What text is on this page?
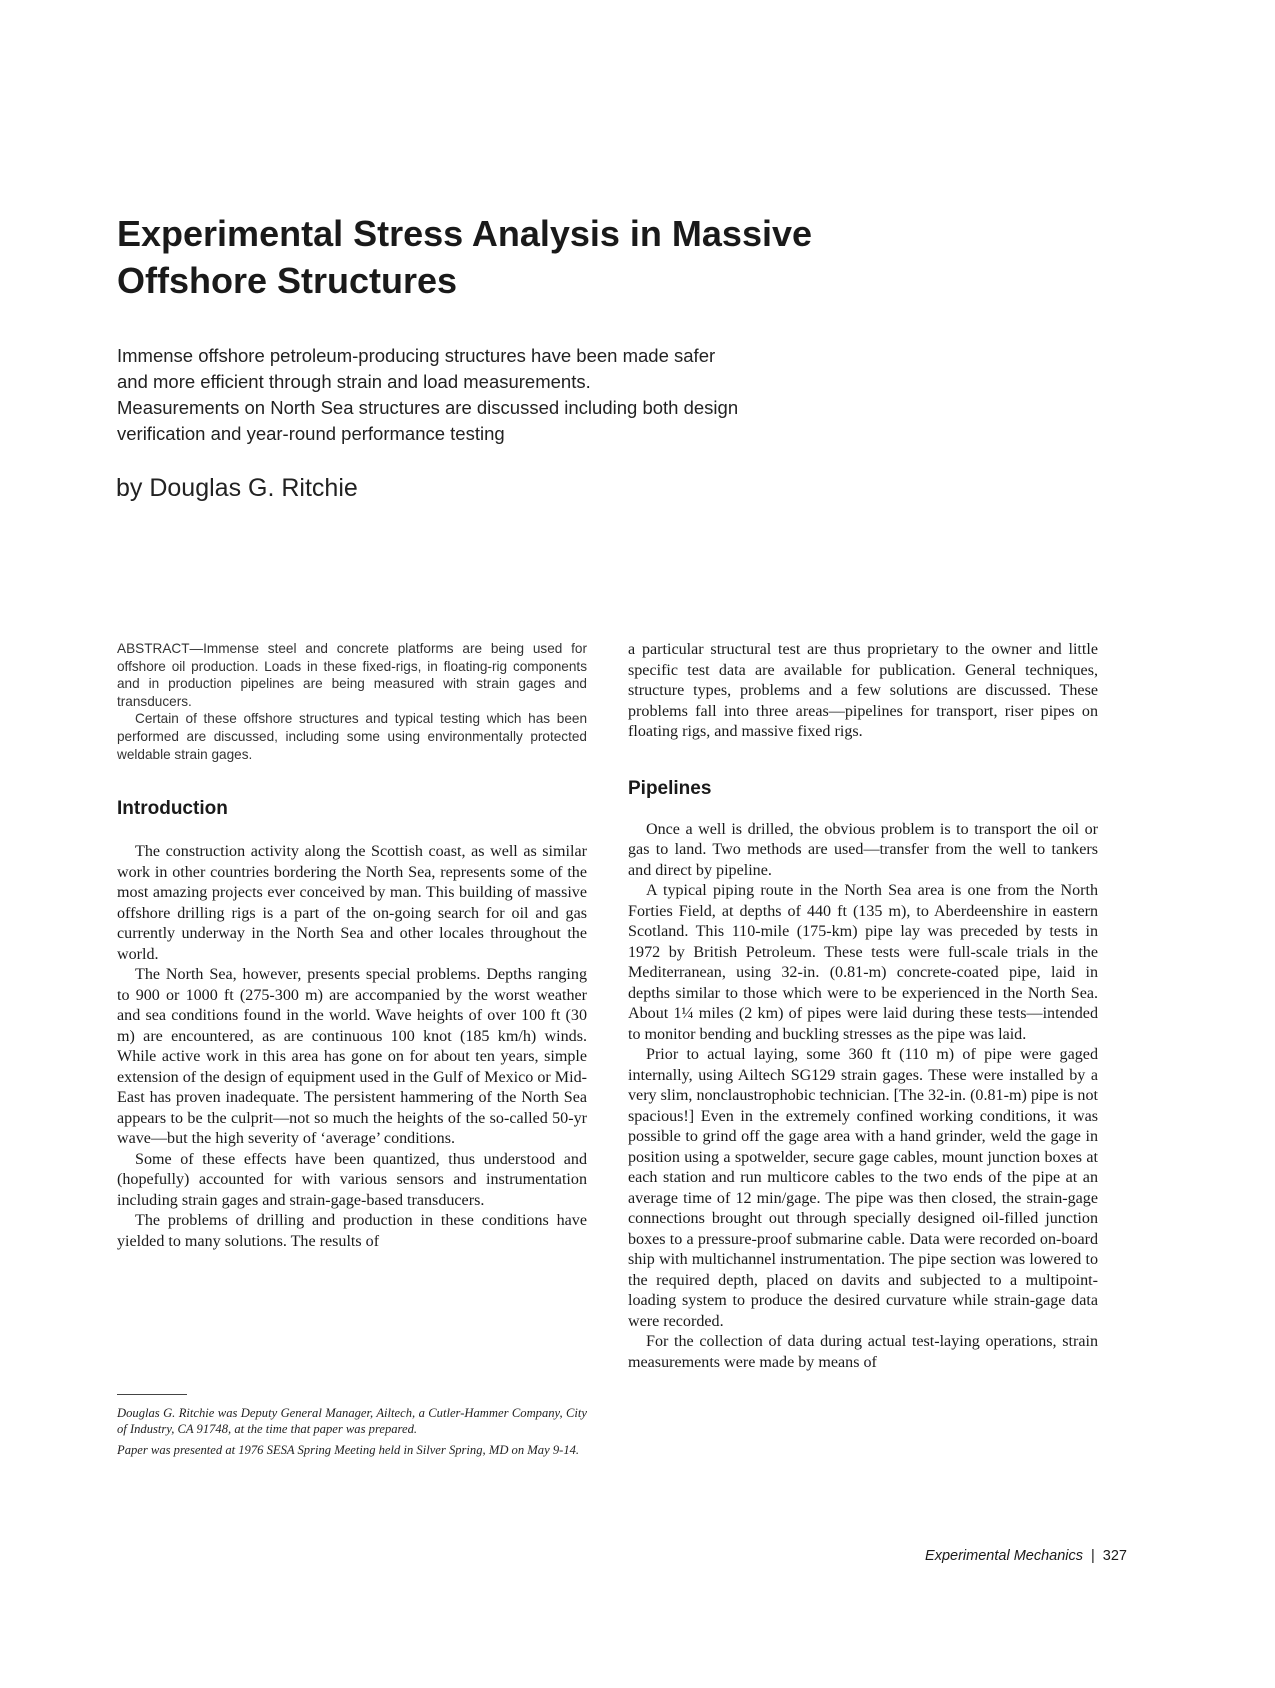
Experimental Stress Analysis in Massive
Offshore Structures
Immense offshore petroleum-producing structures have been made safer
and more efficient through strain and load measurements.
Measurements on North Sea structures are discussed including both design
verification and year-round performance testing
by Douglas G. Ritchie

ABSTRACT—Immense steel and concrete platforms are being used for offshore oil production. Loads in these fixed-rigs, in floating-rig components and in production pipelines are being measured with strain gages and transducers.

Certain of these offshore structures and typical testing which has been performed are discussed, including some using environmentally protected weldable strain gages.

Introduction

The construction activity along the Scottish coast, as well as similar work in other countries bordering the North Sea, represents some of the most amazing projects ever conceived by man. This building of massive offshore drilling rigs is a part of the on-going search for oil and gas currently underway in the North Sea and other locales throughout the world.

The North Sea, however, presents special problems. Depths ranging to 900 or 1000 ft (275-300 m) are accompanied by the worst weather and sea conditions found in the world. Wave heights of over 100 ft (30 m) are encountered, as are continuous 100 knot (185 km/h) winds. While active work in this area has gone on for about ten years, simple extension of the design of equipment used in the Gulf of Mexico or Mid-East has proven inadequate. The persistent hammering of the North Sea appears to be the culprit—not so much the heights of the so-called 50-yr wave—but the high severity of ‘average’ conditions.

Some of these effects have been quantized, thus understood and (hopefully) accounted for with various sensors and instrumentation including strain gages and strain-gage-based transducers.

The problems of drilling and production in these conditions have yielded to many solutions. The results of

a particular structural test are thus proprietary to the owner and little specific test data are available for publication. General techniques, structure types, problems and a few solutions are discussed. These problems fall into three areas—pipelines for transport, riser pipes on floating rigs, and massive fixed rigs.

Pipelines

Once a well is drilled, the obvious problem is to transport the oil or gas to land. Two methods are used—transfer from the well to tankers and direct by pipeline.

A typical piping route in the North Sea area is one from the North Forties Field, at depths of 440 ft (135 m), to Aberdeenshire in eastern Scotland. This 110-mile (175-km) pipe lay was preceded by tests in 1972 by British Petroleum. These tests were full-scale trials in the Mediterranean, using 32-in. (0.81-m) concrete-coated pipe, laid in depths similar to those which were to be experienced in the North Sea. About 1¼ miles (2 km) of pipes were laid during these tests—intended to monitor bending and buckling stresses as the pipe was laid.

Prior to actual laying, some 360 ft (110 m) of pipe were gaged internally, using Ailtech SG129 strain gages. These were installed by a very slim, nonclaustrophobic technician. [The 32-in. (0.81-m) pipe is not spacious!] Even in the extremely confined working conditions, it was possible to grind off the gage area with a hand grinder, weld the gage in position using a spotwelder, secure gage cables, mount junction boxes at each station and run multicore cables to the two ends of the pipe at an average time of 12 min/gage. The pipe was then closed, the strain-gage connections brought out through specially designed oil-filled junction boxes to a pressure-proof submarine cable. Data were recorded on-board ship with multichannel instrumentation. The pipe section was lowered to the required depth, placed on davits and subjected to a multipoint-loading system to produce the desired curvature while strain-gage data were recorded.

For the collection of data during actual test-laying operations, strain measurements were made by means of

Douglas G. Ritchie was Deputy General Manager, Ailtech, a Cutler-Hammer Company, City of Industry, CA 91748, at the time that paper was prepared.

Paper was presented at 1976 SESA Spring Meeting held in Silver Spring, MD on May 9-14.

Experimental Mechanics | 327
